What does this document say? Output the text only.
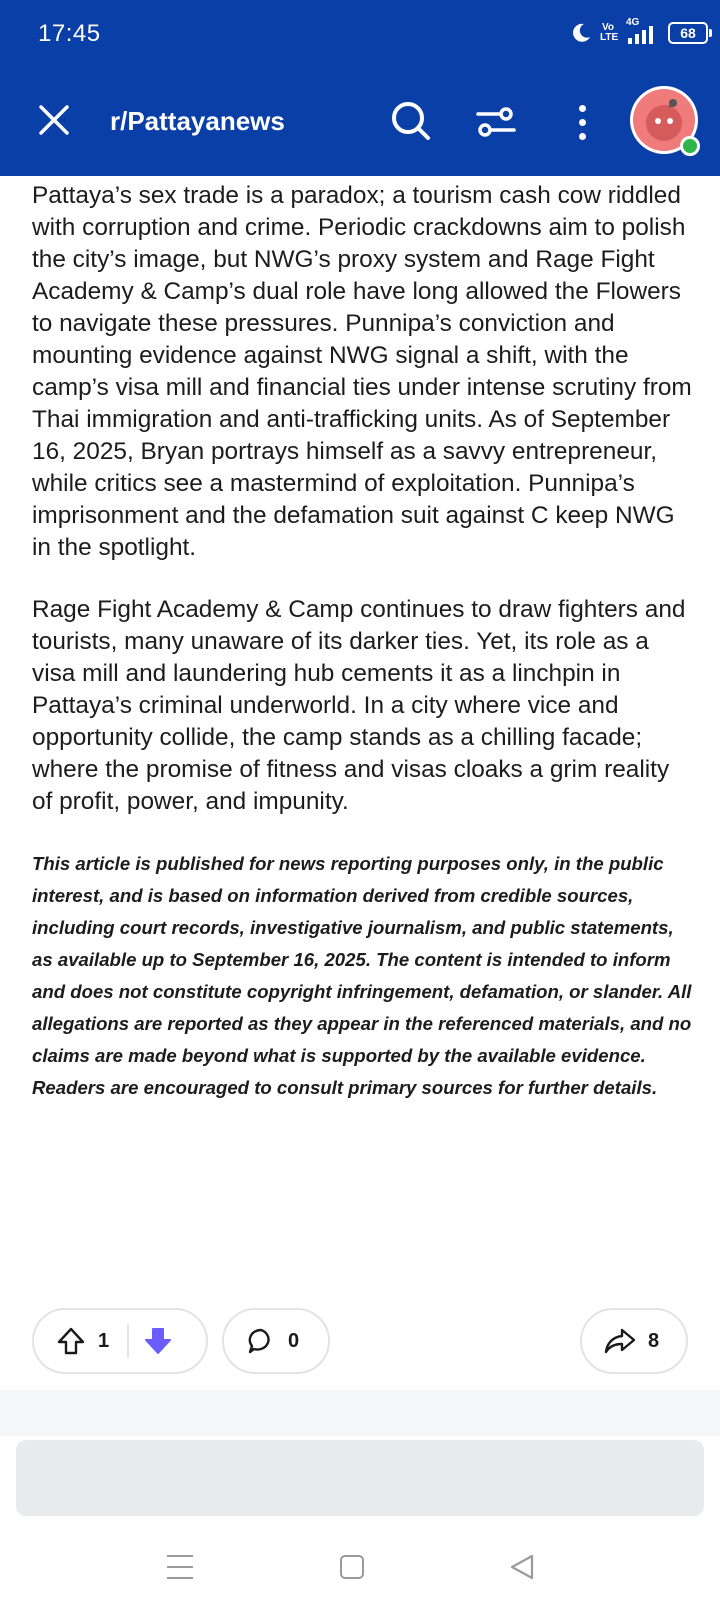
17:45	Vo LTE
4G
68
r/Pattayanews

Pattaya’s sex trade is a paradox; a tourism cash cow riddled with corruption and crime. Periodic crackdowns aim to polish the city’s image, but NWG’s proxy system and Rage Fight Academy & Camp’s dual role have long allowed the Flowers to navigate these pressures. Punnipa’s conviction and mounting evidence against NWG signal a shift, with the camp’s visa mill and financial ties under intense scrutiny from Thai immigration and anti-trafficking units. As of September 16, 2025, Bryan portrays himself as a savvy entrepreneur, while critics see a mastermind of exploitation. Punnipa’s imprisonment and the defamation suit against C keep NWG in the spotlight.

Rage Fight Academy & Camp continues to draw fighters and tourists, many unaware of its darker ties. Yet, its role as a visa mill and laundering hub cements it as a linchpin in Pattaya’s criminal underworld. In a city where vice and opportunity collide, the camp stands as a chilling facade; where the promise of fitness and visas cloaks a grim reality of profit, power, and impunity.

This article is published for news reporting purposes only, in the public interest, and is based on information derived from credible sources, including court records, investigative journalism, and public statements, as available up to September 16, 2025. The content is intended to inform and does not constitute copyright infringement, defamation, or slander. All allegations are reported as they appear in the referenced materials, and no claims are made beyond what is supported by the available evidence. Readers are encouraged to consult primary sources for further details.

1	0	8
